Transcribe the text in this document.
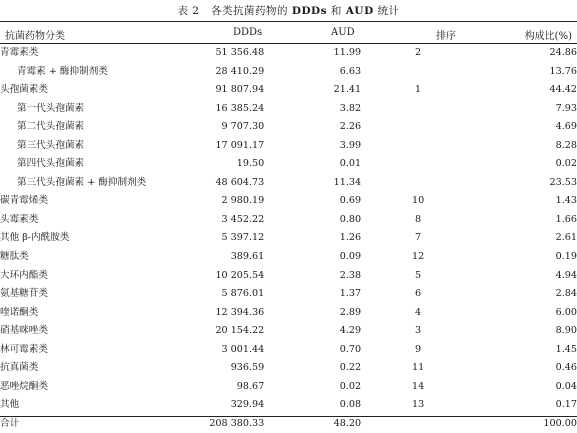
表 2 各类抗菌药物的 DDDs 和 AUD 统计
抗菌药物分类	DDDs	AUD	排序	构成比(%)
青霉素类	51 356.48	11.99	2	24.86
青霉素 + 酶抑制剂类	28 410.29	6.63		13.76
头孢菌素类	91 807.94	21.41	1	44.42
第一代头孢菌素	16 385.24	3.82		7.93
第二代头孢菌素	9 707.30	2.26		4.69
第三代头孢菌素	17 091.17	3.99		8.28
第四代头孢菌素	19.50	0.01		0.02
第三代头孢菌素 + 酶抑制剂类	48 604.73	11.34		23.53
碳青霉烯类	2 980.19	0.69	10	1.43
头霉素类	3 452.22	0.80	8	1.66
其他 β-内酰胺类	5 397.12	1.26	7	2.61
糖肽类	389.61	0.09	12	0.19
大环内酯类	10 205.54	2.38	5	4.94
氨基糖苷类	5 876.01	1.37	6	2.84
喹诺酮类	12 394.36	2.89	4	6.00
硝基咪唑类	20 154.22	4.29	3	8.90
林可霉素类	3 001.44	0.70	9	1.45
抗真菌类	936.59	0.22	11	0.46
恶唑烷酮类	98.67	0.02	14	0.04
其他	329.94	0.08	13	0.17
合计	208 380.33	48.20		100.00
